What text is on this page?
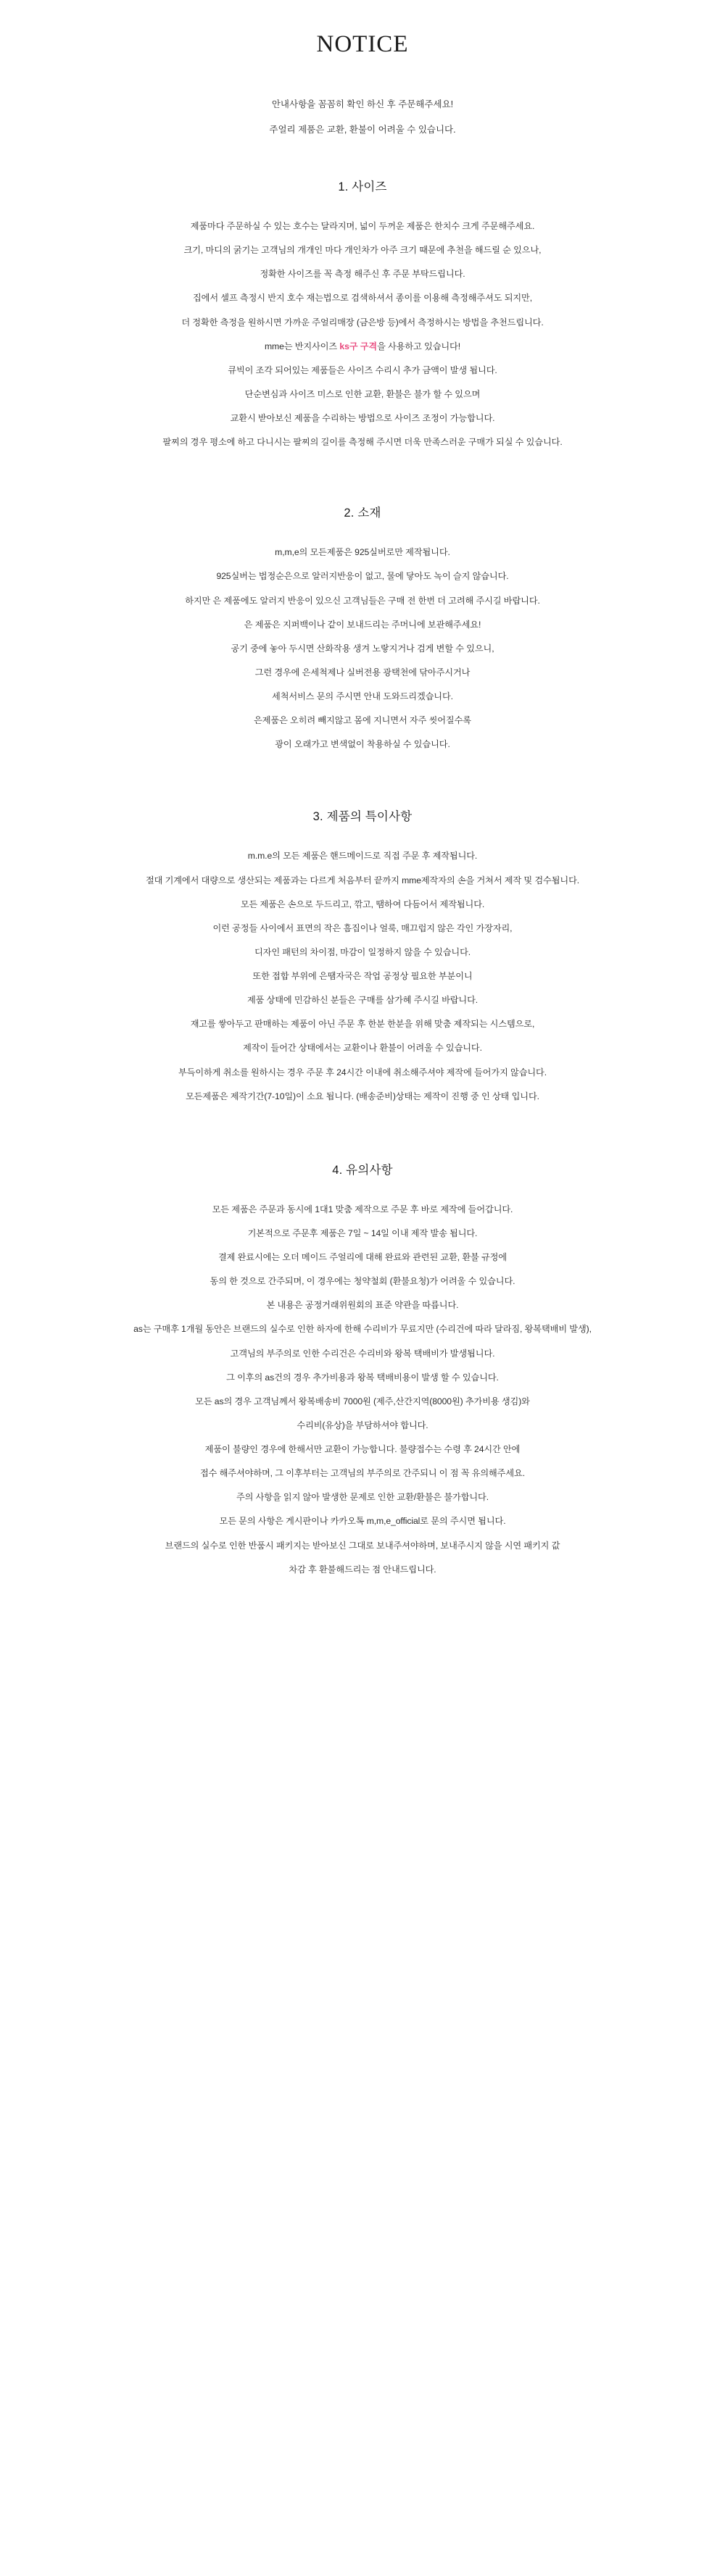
NOTICE

안내사항을 꼼꼼히 확인 하신 후 주문해주세요!

주얼리 제품은 교환, 환불이 어려울 수 있습니다.

1. 사이즈

제품마다 주문하실 수 있는 호수는 달라지며, 넓이 두꺼운 제품은 한치수 크게 주문해주세요.

크기, 마디의 굵기는 고객님의 개개인 마다 개인차가 아주 크기 때문에 추천을 해드릴 순 있으나,

정확한 사이즈를 꼭 측정 해주신 후 주문 부탁드립니다.

집에서 셀프 측정시 반지 호수 재는법으로 검색하셔서 종이를 이용해 측정해주셔도 되지만,

더 정확한 측정을 원하시면 가까운 주얼리매장 (금은방 등)에서 측정하시는 방법을 추천드립니다.

mme는 반지사이즈 ks구 구격을 사용하고 있습니다!

큐빅이 조각 되어있는 제품들은 사이즈 수리시 추가 금액이 발생 됩니다.

단순변심과 사이즈 미스로 인한 교환, 환불은 불가 할 수 있으며

교환시 받아보신 제품을 수리하는 방법으로 사이즈 조정이 가능합니다.

팔찌의 경우 평소에 하고 다니시는 팔찌의 길이를 측정해 주시면 더욱 만족스러운 구매가 되실 수 있습니다.

2. 소재

m,m,e의 모든제품은 925실버로만 제작됩니다.

925실버는 법정순은으로 알러지반응이 없고, 물에 닿아도 녹이 슬지 않습니다.

하지만 은 제품에도 알러지 반응이 있으신 고객님들은 구매 전 한번 더 고려해 주시길 바랍니다.

은 제품은 지퍼백이나 같이 보내드리는 주머니에 보관해주세요!

공기 중에 놓아 두시면 산화작용 생겨 노랗지거나 검게 변할 수 있으니,

그런 경우에 은세척제나 실버전용 광택천에 닦아주시거나

세척서비스 문의 주시면 안내 도와드리겠습니다.

은제품은 오히려 빼지않고 몸에 지니면서 자주 씻어질수록

광이 오래가고 변색없이 착용하실 수 있습니다.

3. 제품의 특이사항

m.m.e의 모든 제품은 핸드메이드로 직접 주문 후 제작됩니다.

절대 기계에서 대량으로 생산되는 제품과는 다르게 처음부터 끝까지 mme제작자의 손을 거쳐서 제작 및 검수됩니다.

모든 제품은 손으로 두드리고, 깎고, 땜하여 다듬어서 제작됩니다.

이런 공정들 사이에서 표면의 작은 흠집이나 얼룩, 매끄럽지 않은 각인 가장자리,

디자인 패턴의 차이점, 마감이 일정하지 않을 수 있습니다.

또한 접합 부위에 은땜자국은 작업 공정상 필요한 부분이니

제품 상태에 민감하신 분들은 구매를 삼가혜 주시길 바랍니다.

재고를 쌓아두고 판매하는 제품이 아닌 주문 후 한분 한분을 위해 맞춤 제작되는 시스템으로,

제작이 들어간 상태에서는 교환이나 환불이 어려울 수 있습니다.

부득이하게 취소를 원하시는 경우 주문 후 24시간 이내에 취소해주셔야 제작에 들어가지 않습니다.

모든제품은 제작기간(7-10일)이 소요 됩니다. (배송준비)상태는 제작이 진행 중 인 상태 입니다.

4. 유의사항

모든 제품은 주문과 동시에 1대1 맞춤 제작으로 주문 후 바로 제작에 들어갑니다.

기본적으로 주문후 제품은 7일 ~ 14일 이내 제작 발송 됩니다.

결제 완료시에는 오더 메이드 주얼리에 대해 완료와 관련된 교환, 환불 규정에

동의 한 것으로 간주되며, 이 경우에는 청약철회 (환불요청)가 어려울 수 있습니다.

본 내용은 공정거래위원회의 표준 약관을 따릅니다.

as는 구매후 1개월 동안은 브랜드의 실수로 인한 하자에 한해 수리비가 무료지만 (수리건에 따라 달라짐, 왕복택배비 발생),

고객님의 부주의로 인한 수리건은 수리비와 왕복 택배비가 발생됩니다.

그 이후의 as건의 경우 추가비용과 왕복 택배비용이 발생 할 수 있습니다.

모든 as의 경우 고객님께서 왕복배송비 7000원 (제주,산간지역(8000원) 추가비용 생김)와

수리비(유상)을 부담하셔야 합니다.

제품이 불량인 경우에 한해서만 교환이 가능합니다. 불량접수는 수령 후 24시간 안에

접수 해주셔야하며, 그 이후부터는 고객님의 부주의로 간주되니 이 점 꼭 유의해주세요.

주의 사항을 읽지 않아 발생한 문제로 인한 교환/환불은 불가합니다.

모든 문의 사항은 게시판이나 카카오톡 m,m,e_official로 문의 주시면 됩니다.

브랜드의 실수로 인한 반품시 패키지는 받아보신 그대로 보내주셔야하며, 보내주시지 않을 시연 패키지 값

차감 후 환불해드리는 점 안내드립니다.
